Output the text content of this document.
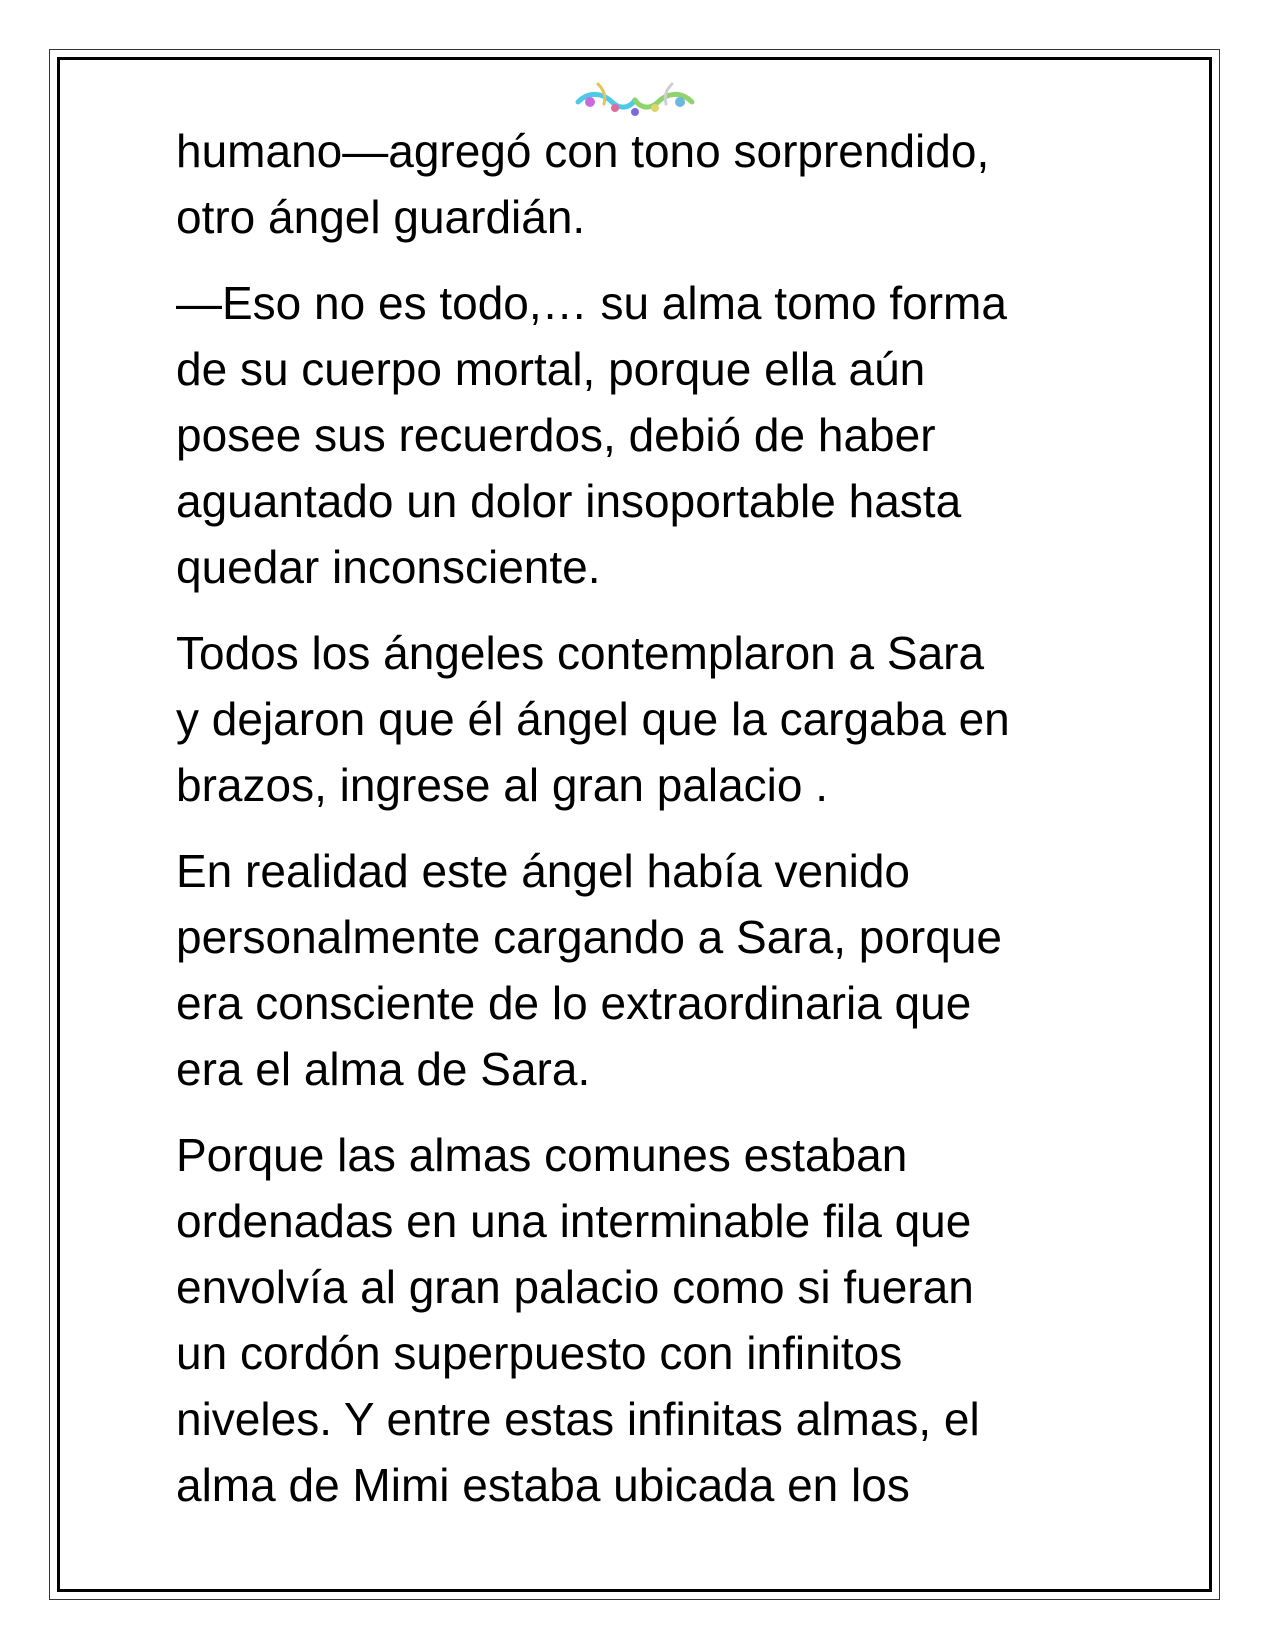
humano—agregó con tono sorprendido,
otro ángel guardián.

—Eso no es todo,… su alma tomo forma
de su cuerpo mortal, porque ella aún
posee sus recuerdos, debió de haber
aguantado un dolor insoportable hasta
quedar inconsciente.

Todos los ángeles contemplaron a Sara
y dejaron que él ángel que la cargaba en
brazos, ingrese al gran palacio .

En realidad este ángel había venido
personalmente cargando a Sara, porque
era consciente de lo extraordinaria que
era el alma de Sara.

Porque las almas comunes estaban
ordenadas en una interminable fila que
envolvía al gran palacio como si fueran
un cordón superpuesto con infinitos
niveles. Y entre estas infinitas almas, el
alma de Mimi estaba ubicada en los
